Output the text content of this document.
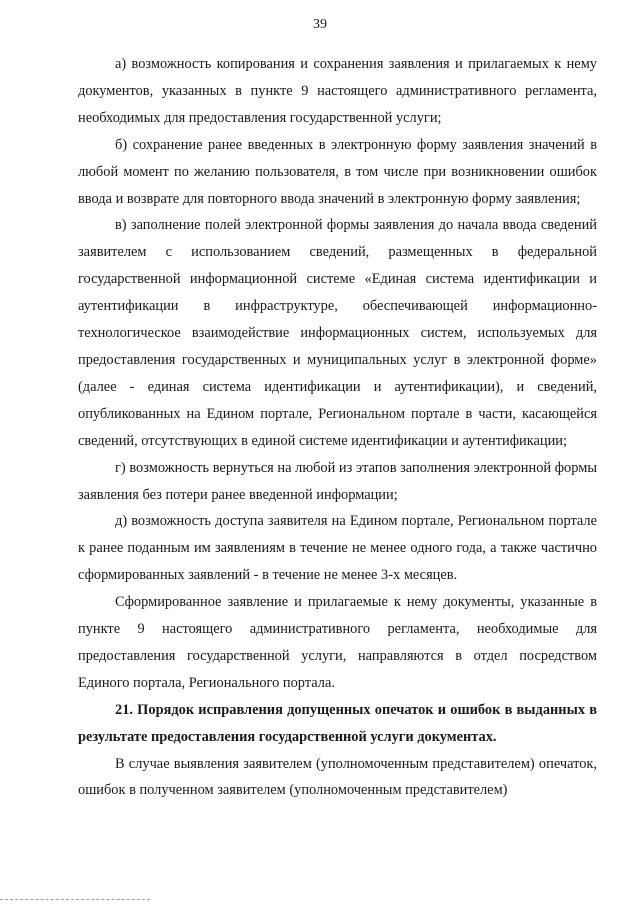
39

а) возможность копирования и сохранения заявления и прилагаемых к нему документов, указанных в пункте 9 настоящего административного регламента, необходимых для предоставления государственной услуги;

б) сохранение ранее введенных в электронную форму заявления значений в любой момент по желанию пользователя, в том числе при возникновении ошибок ввода и возврате для повторного ввода значений в электронную форму заявления;

в) заполнение полей электронной формы заявления до начала ввода сведений заявителем с использованием сведений, размещенных в федеральной государственной информационной системе «Единая система идентификации и аутентификации в инфраструктуре, обеспечивающей информационно-технологическое взаимодействие информационных систем, используемых для предоставления государственных и муниципальных услуг в электронной форме» (далее - единая система идентификации и аутентификации), и сведений, опубликованных на Едином портале, Региональном портале в части, касающейся сведений, отсутствующих в единой системе идентификации и аутентификации;

г) возможность вернуться на любой из этапов заполнения электронной формы заявления без потери ранее введенной информации;

д) возможность доступа заявителя на Едином портале, Региональном портале к ранее поданным им заявлениям в течение не менее одного года, а также частично сформированных заявлений - в течение не менее 3-х месяцев.

Сформированное заявление и прилагаемые к нему документы, указанные в пункте 9 настоящего административного регламента, необходимые для предоставления государственной услуги, направляются в отдел посредством Единого портала, Регионального портала.

21. Порядок исправления допущенных опечаток и ошибок в выданных в результате предоставления государственной услуги документах.

В случае выявления заявителем (уполномоченным представителем) опечаток, ошибок в полученном заявителем (уполномоченным представителем)
